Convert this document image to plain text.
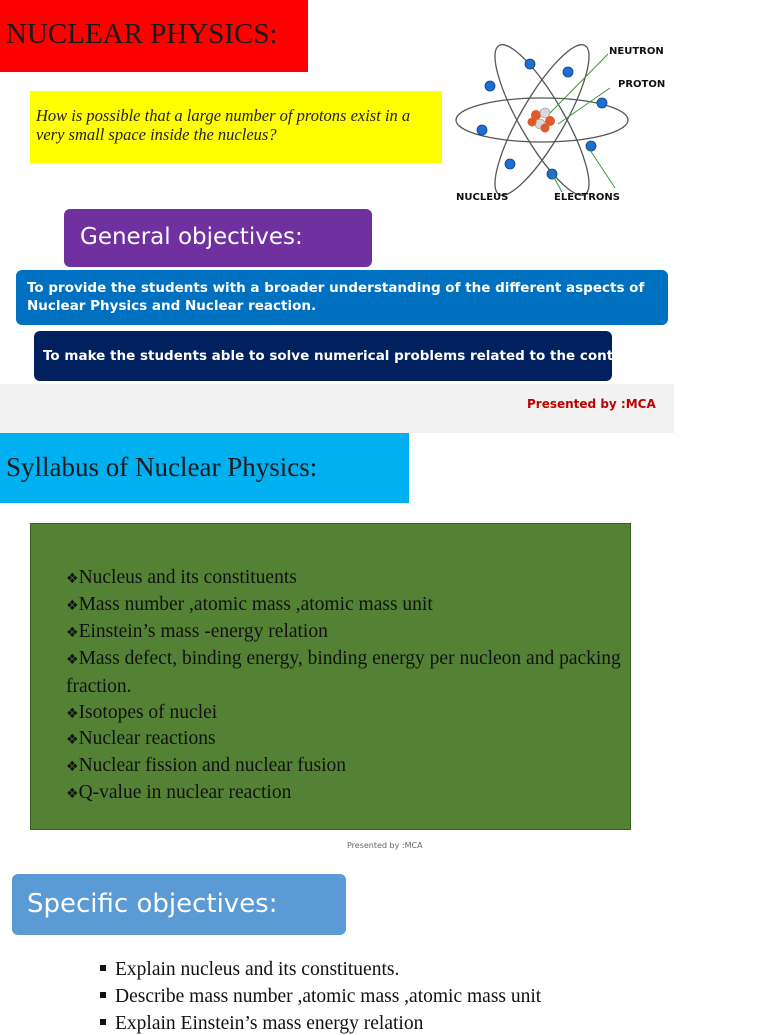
NUCLEAR PHYSICS:
How is possible that a large number of protons exist in a very small space inside the nucleus?
NEUTRON
PROTON
NUCLEUS	ELECTRONS
General objectives:
To provide the students with a broader understanding of the different aspects of Nuclear Physics and Nuclear reaction.
To make the students able to solve numerical problems related to the content.
Presented by :MCA
Syllabus of Nuclear Physics:
❖Nucleus and its constituents
❖Mass number ,atomic mass ,atomic mass unit
❖Einstein’s mass -energy relation
❖Mass defect, binding energy, binding energy per nucleon and packing fraction.
❖Isotopes of nuclei
❖Nuclear reactions
❖Nuclear fission and nuclear fusion
❖Q-value in nuclear reaction
Presented by :MCA
Specific objectives:
Explain nucleus and its constituents.
Describe mass number ,atomic mass ,atomic mass unit
Explain Einstein’s mass energy relation
